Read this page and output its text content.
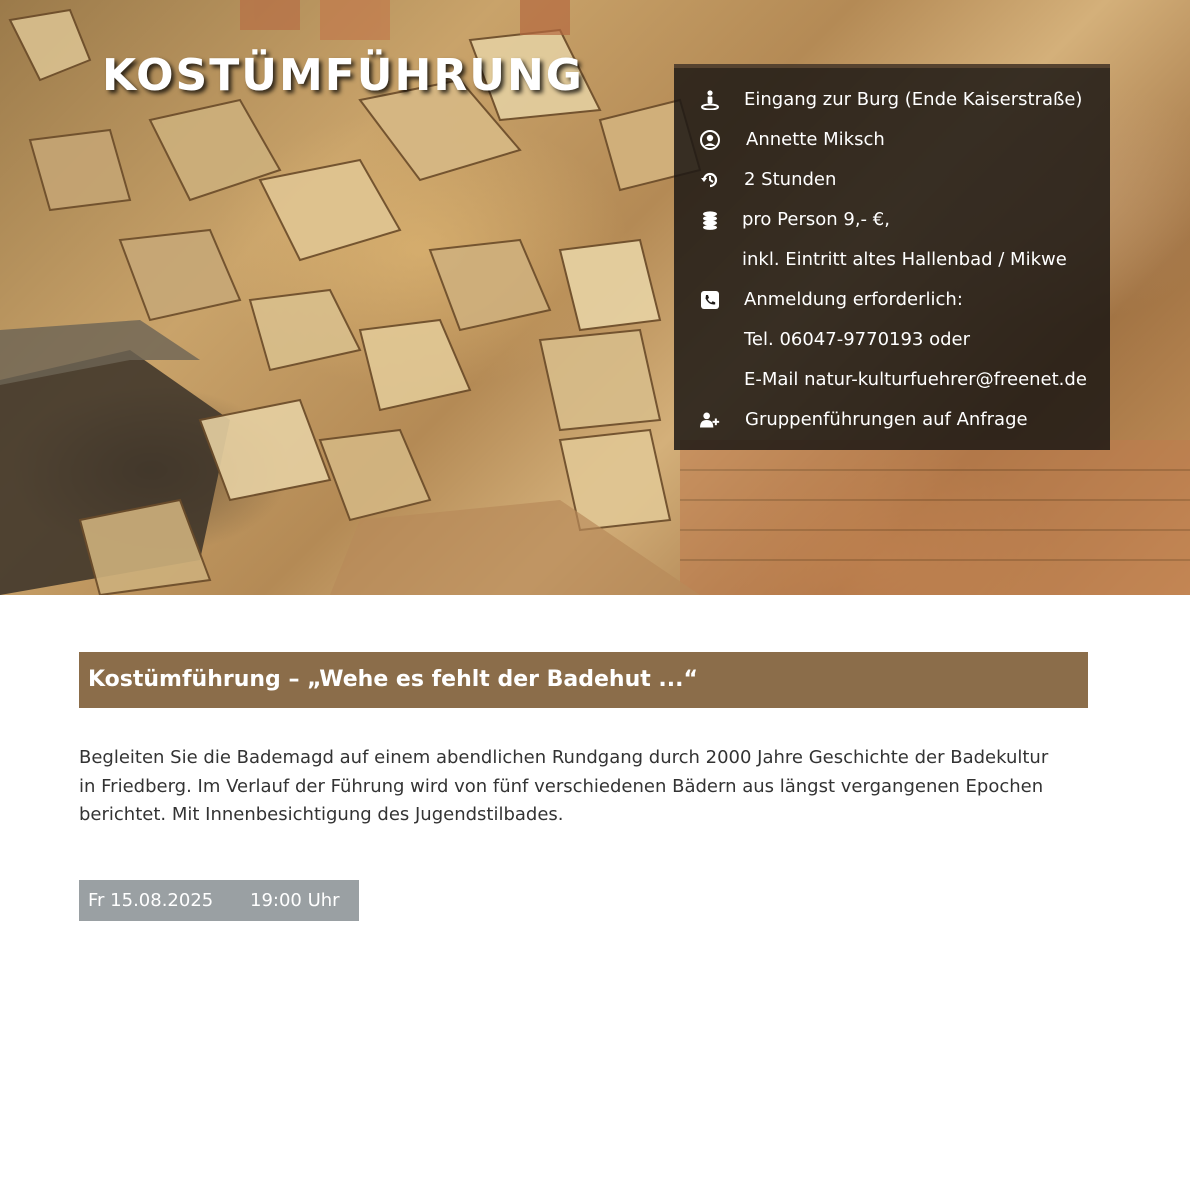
KOSTÜMFÜHRUNG	Eingang zur Burg (Ende Kaiserstraße)
Annette Miksch
2 Stunden
pro Person 9,- €,
inkl. Eintritt altes Hallenbad / Mikwe
Anmeldung erforderlich:
Tel. 06047-9770193 oder
E-Mail natur-kulturfuehrer@freenet.de
Gruppenführungen auf Anfrage
Kostümführung – „Wehe es fehlt der Badehut ...“

Begleiten Sie die Bademagd auf einem abendlichen Rundgang durch 2000 Jahre Geschichte der Badekultur in Friedberg. Im Verlauf der Führung wird von fünf verschiedenen Bädern aus längst vergangenen Epochen berichtet. Mit Innenbesichtigung des Jugendstilbades.

Fr 15.08.2025	19:00 Uhr
